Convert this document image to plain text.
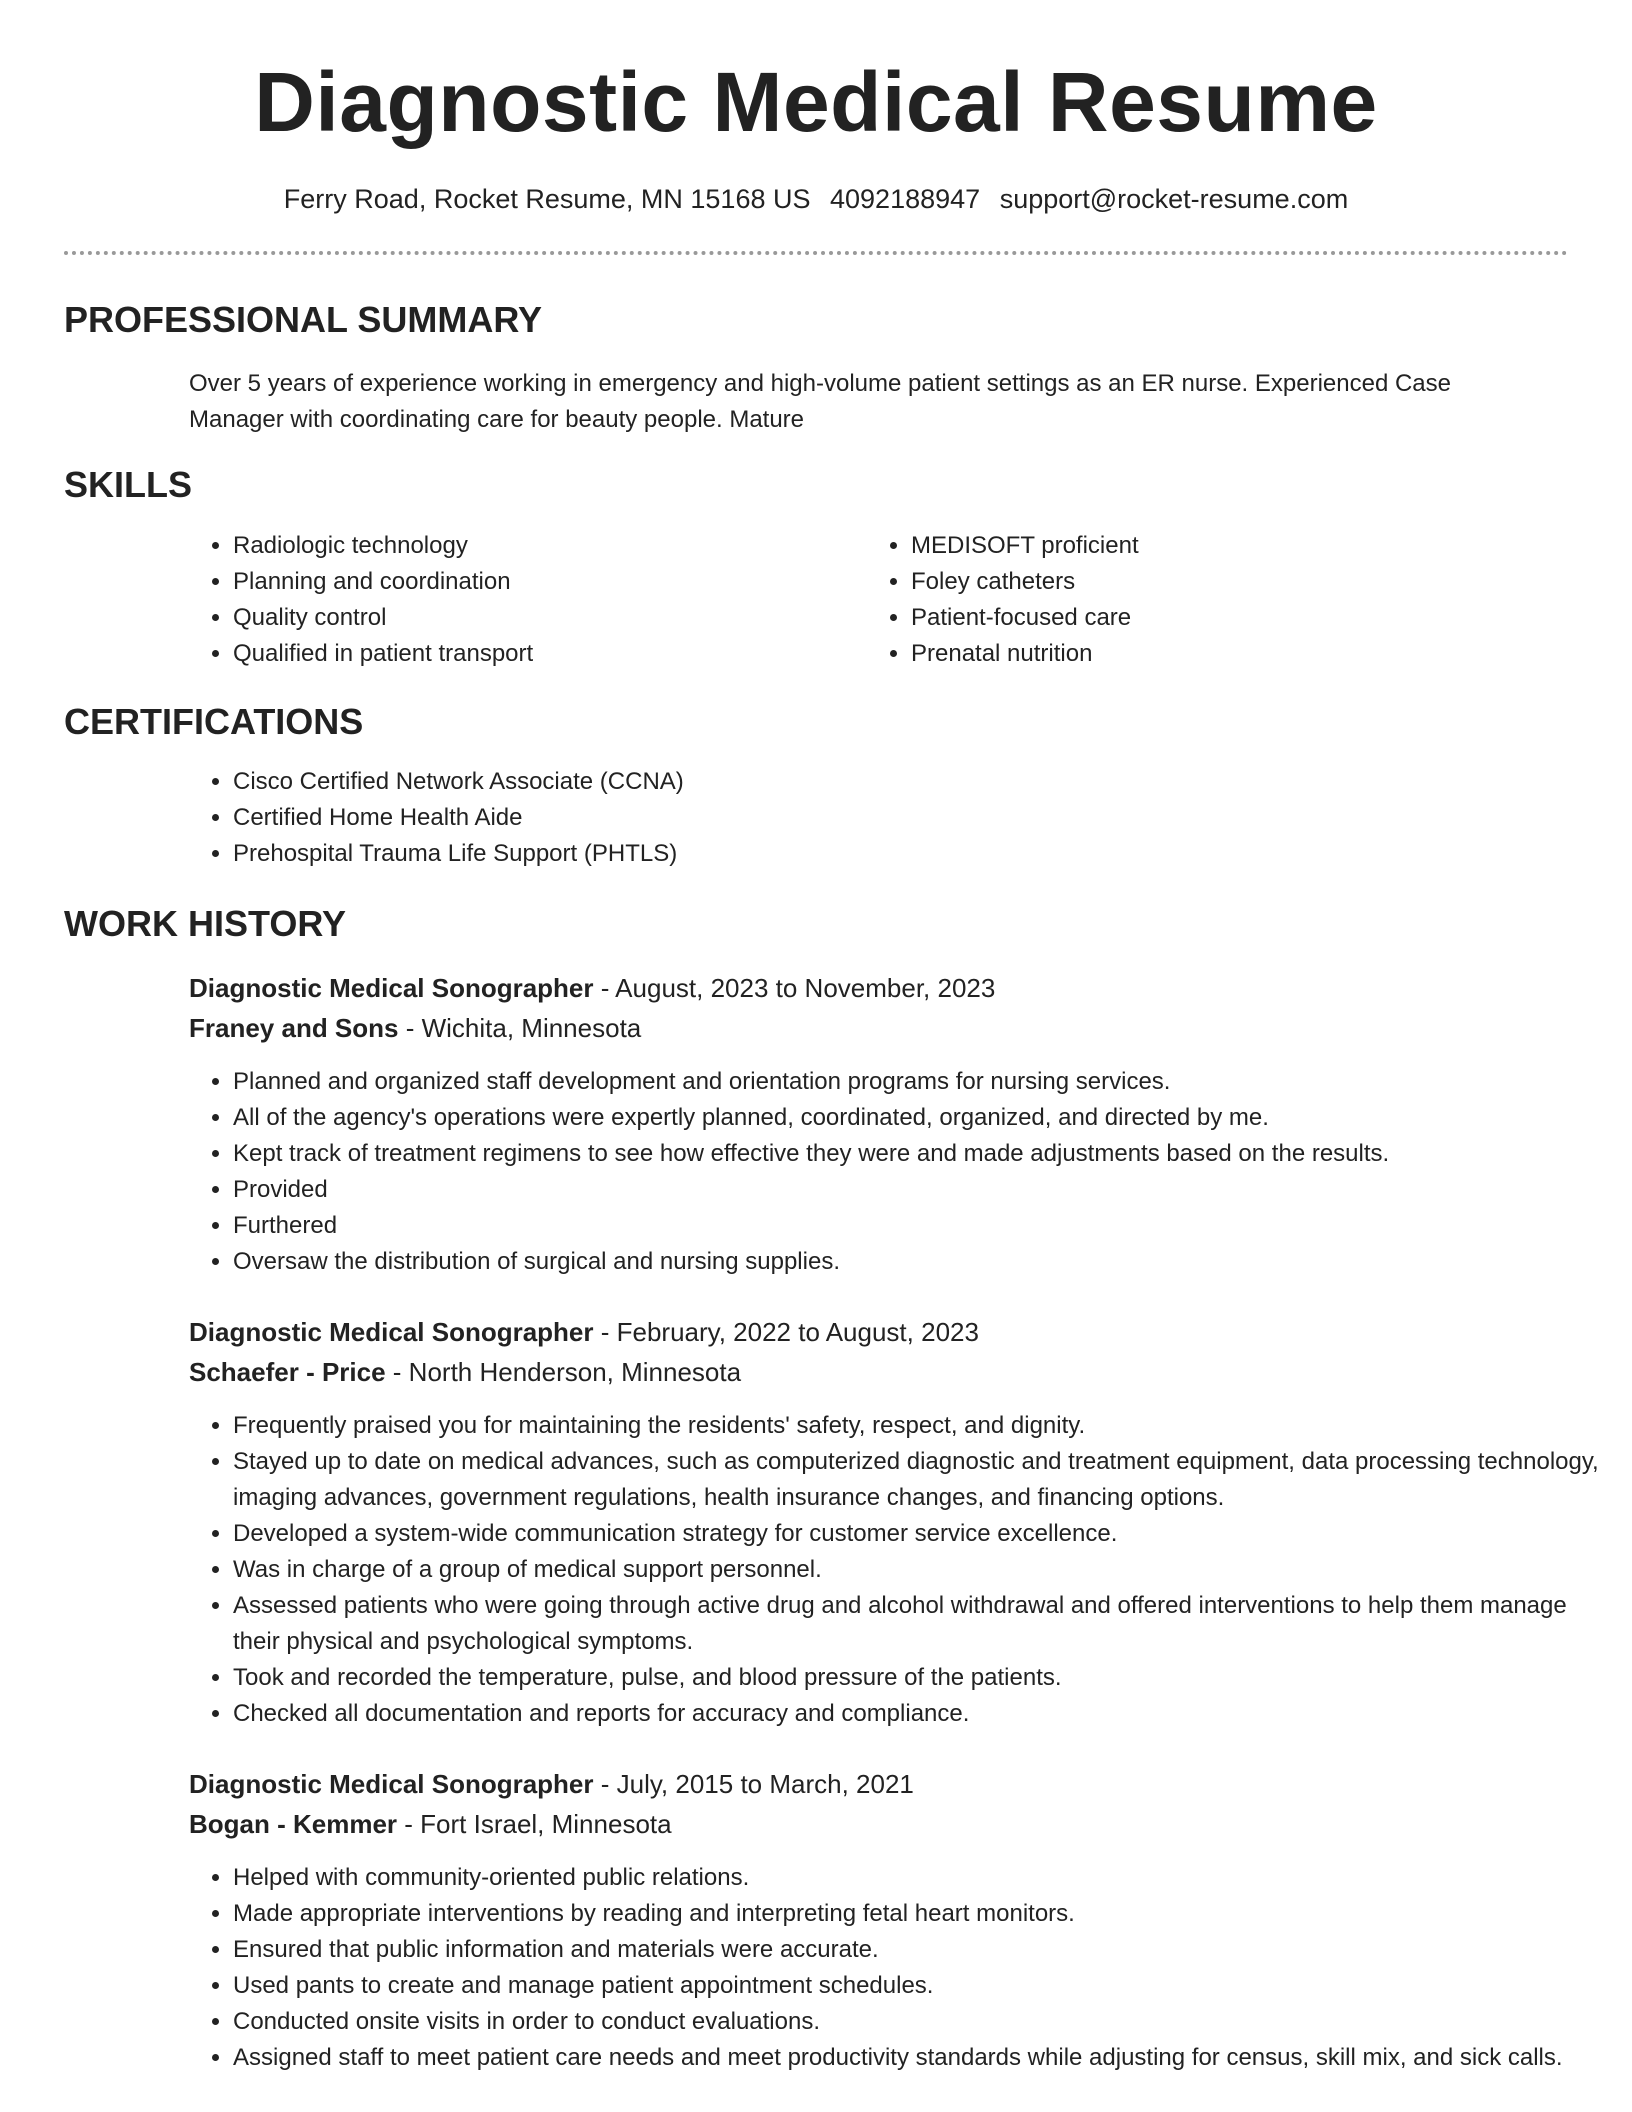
Diagnostic Medical Resume
Ferry Road, Rocket Resume, MN 15168 US 4092188947 support@rocket-resume.com
PROFESSIONAL SUMMARY
Over 5 years of experience working in emergency and high-volume patient settings as an ER nurse. Experienced Case Manager with coordinating care for beauty people. Mature
SKILLS
• Radiologic technology
• Planning and coordination
• Quality control
• Qualified in patient transport
• MEDISOFT proficient
• Foley catheters
• Patient-focused care
• Prenatal nutrition
CERTIFICATIONS
• Cisco Certified Network Associate (CCNA)
• Certified Home Health Aide
• Prehospital Trauma Life Support (PHTLS)
WORK HISTORY
Diagnostic Medical Sonographer - August, 2023 to November, 2023
Franey and Sons - Wichita, Minnesota
• Planned and organized staff development and orientation programs for nursing services.
• All of the agency's operations were expertly planned, coordinated, organized, and directed by me.
• Kept track of treatment regimens to see how effective they were and made adjustments based on the results.
• Provided
• Furthered
• Oversaw the distribution of surgical and nursing supplies.
Diagnostic Medical Sonographer - February, 2022 to August, 2023
Schaefer - Price - North Henderson, Minnesota
• Frequently praised you for maintaining the residents' safety, respect, and dignity.
• Stayed up to date on medical advances, such as computerized diagnostic and treatment equipment, data processing technology, imaging advances, government regulations, health insurance changes, and financing options.
• Developed a system-wide communication strategy for customer service excellence.
• Was in charge of a group of medical support personnel.
• Assessed patients who were going through active drug and alcohol withdrawal and offered interventions to help them manage their physical and psychological symptoms.
• Took and recorded the temperature, pulse, and blood pressure of the patients.
• Checked all documentation and reports for accuracy and compliance.
Diagnostic Medical Sonographer - July, 2015 to March, 2021
Bogan - Kemmer - Fort Israel, Minnesota
• Helped with community-oriented public relations.
• Made appropriate interventions by reading and interpreting fetal heart monitors.
• Ensured that public information and materials were accurate.
• Used pants to create and manage patient appointment schedules.
• Conducted onsite visits in order to conduct evaluations.
• Assigned staff to meet patient care needs and meet productivity standards while adjusting for census, skill mix, and sick calls.
